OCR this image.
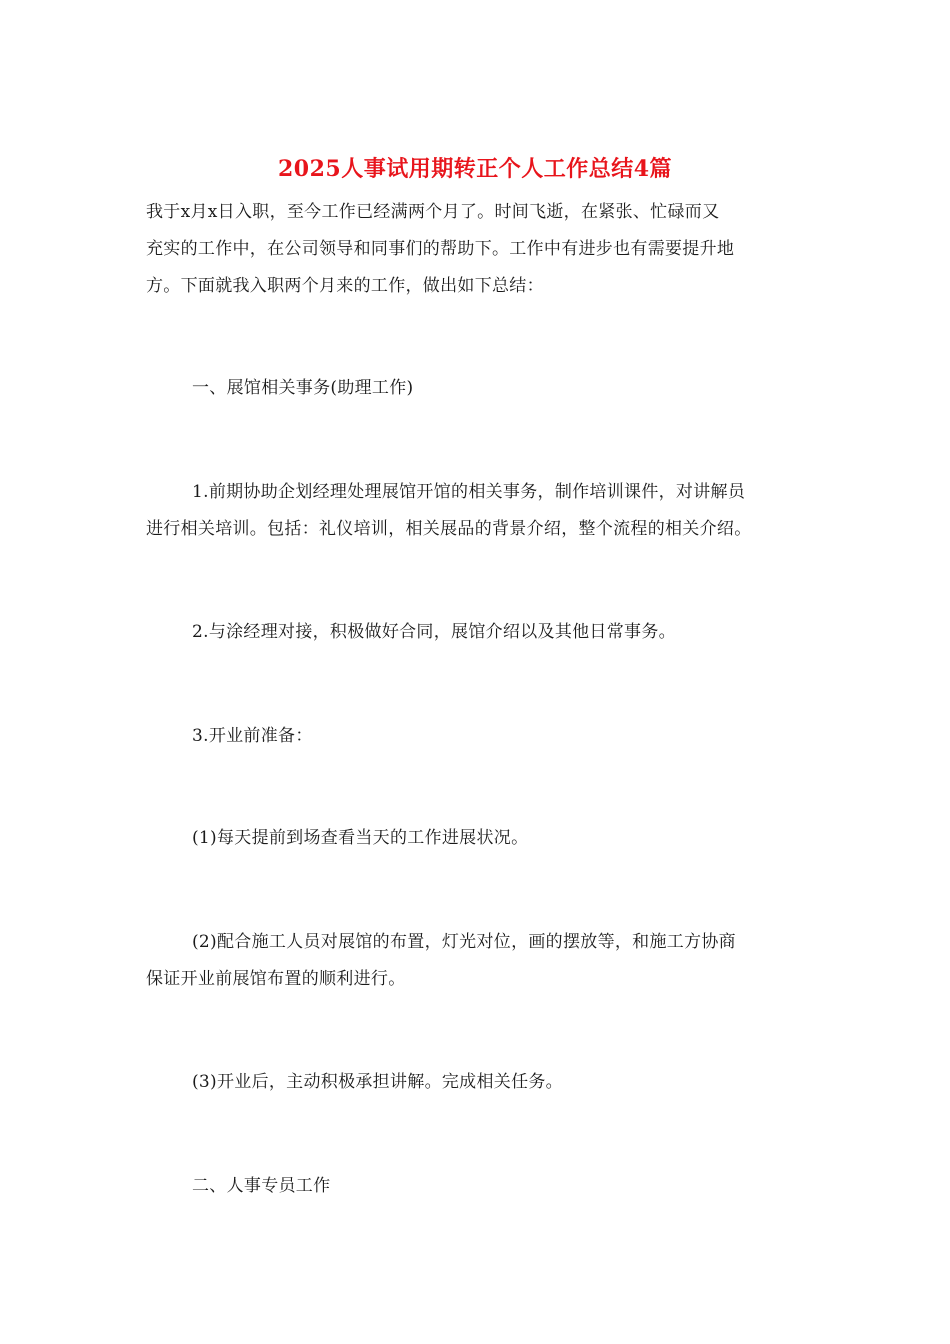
2025人事试用期转正个人工作总结4篇

我于x月x日入职，至今工作已经满两个月了。时间飞逝，在紧张、忙碌而又
充实的工作中，在公司领导和同事们的帮助下。工作中有进步也有需要提升地
方。下面就我入职两个月来的工作，做出如下总结：

一、展馆相关事务(助理工作)

1.前期协助企划经理处理展馆开馆的相关事务，制作培训课件，对讲解员
进行相关培训。包括：礼仪培训，相关展品的背景介绍，整个流程的相关介绍。

2.与涂经理对接，积极做好合同，展馆介绍以及其他日常事务。

3.开业前准备：

(1)每天提前到场查看当天的工作进展状况。

(2)配合施工人员对展馆的布置，灯光对位，画的摆放等，和施工方协商
保证开业前展馆布置的顺利进行。

(3)开业后，主动积极承担讲解。完成相关任务。

二、人事专员工作
